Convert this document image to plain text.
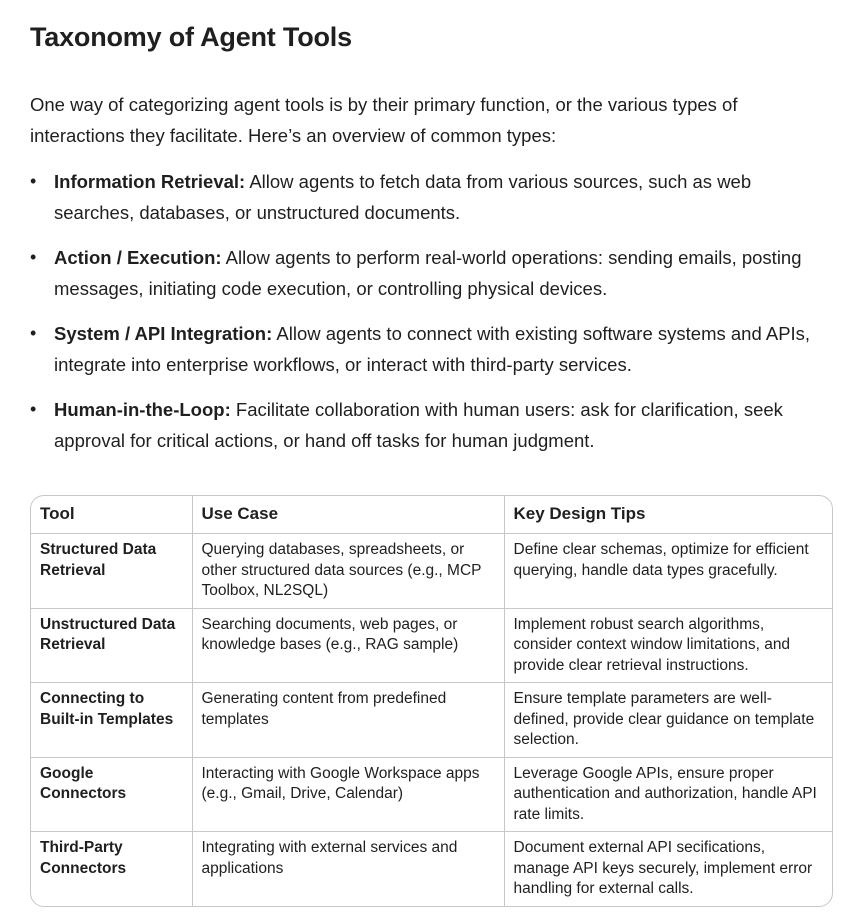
Taxonomy of Agent Tools

One way of categorizing agent tools is by their primary function, or the various types of interactions they facilitate. Here’s an overview of common types:

• Information Retrieval: Allow agents to fetch data from various sources, such as web searches, databases, or unstructured documents.
• Action / Execution: Allow agents to perform real-world operations: sending emails, posting messages, initiating code execution, or controlling physical devices.
• System / API Integration: Allow agents to connect with existing software systems and APIs, integrate into enterprise workflows, or interact with third-party services.
• Human-in-the-Loop: Facilitate collaboration with human users: ask for clarification, seek approval for critical actions, or hand off tasks for human judgment.
Tool	Use Case	Key Design Tips
Structured Data Retrieval	Querying databases, spreadsheets, or other structured data sources (e.g., MCP Toolbox, NL2SQL)	Define clear schemas, optimize for efficient querying, handle data types gracefully.
Unstructured Data Retrieval	Searching documents, web pages, or knowledge bases (e.g., RAG sample)	Implement robust search algorithms, consider context window limitations, and provide clear retrieval instructions.
Connecting to Built-in Templates	Generating content from predefined templates	Ensure template parameters are well-defined, provide clear guidance on template selection.
Google Connectors	Interacting with Google Workspace apps (e.g., Gmail, Drive, Calendar)	Leverage Google APIs, ensure proper authentication and authorization, handle API rate limits.
Third-Party Connectors	Integrating with external services and applications	Document external API secifications, manage API keys securely, implement error handling for external calls.
